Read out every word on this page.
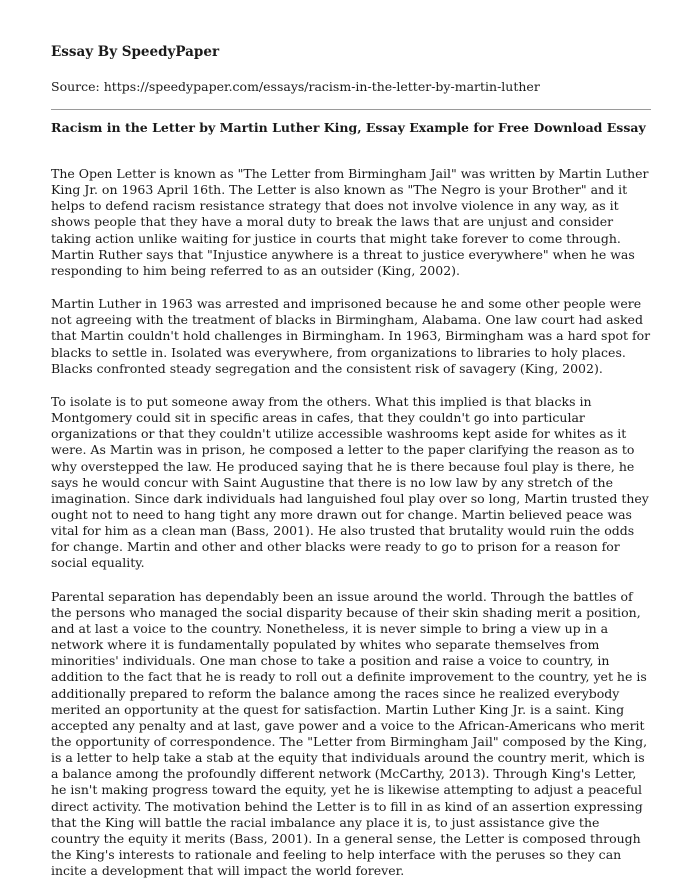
Essay By SpeedyPaper

Source: https://speedypaper.com/essays/racism-in-the-letter-by-martin-luther

Racism in the Letter by Martin Luther King, Essay Example for Free Download Essay

The Open Letter is known as "The Letter from Birmingham Jail" was written by Martin Luther King Jr. on 1963 April 16th. The Letter is also known as "The Negro is your Brother" and it helps to defend racism resistance strategy that does not involve violence in any way, as it shows people that they have a moral duty to break the laws that are unjust and consider taking action unlike waiting for justice in courts that might take forever to come through. Martin Ruther says that "Injustice anywhere is a threat to justice everywhere" when he was responding to him being referred to as an outsider (King, 2002).

Martin Luther in 1963 was arrested and imprisoned because he and some other people were not agreeing with the treatment of blacks in Birmingham, Alabama. One law court had asked that Martin couldn't hold challenges in Birmingham. In 1963, Birmingham was a hard spot for blacks to settle in. Isolated was everywhere, from organizations to libraries to holy places. Blacks confronted steady segregation and the consistent risk of savagery (King, 2002).

To isolate is to put someone away from the others. What this implied is that blacks in Montgomery could sit in specific areas in cafes, that they couldn't go into particular organizations or that they couldn't utilize accessible washrooms kept aside for whites as it were. As Martin was in prison, he composed a letter to the paper clarifying the reason as to why overstepped the law. He produced saying that he is there because foul play is there, he says he would concur with Saint Augustine that there is no low law by any stretch of the imagination. Since dark individuals had languished foul play over so long, Martin trusted they ought not to need to hang tight any more drawn out for change. Martin believed peace was vital for him as a clean man (Bass, 2001). He also trusted that brutality would ruin the odds for change. Martin and other and other blacks were ready to go to prison for a reason for social equality.

Parental separation has dependably been an issue around the world. Through the battles of the persons who managed the social disparity because of their skin shading merit a position, and at last a voice to the country. Nonetheless, it is never simple to bring a view up in a network where it is fundamentally populated by whites who separate themselves from minorities' individuals. One man chose to take a position and raise a voice to country, in addition to the fact that he is ready to roll out a definite improvement to the country, yet he is additionally prepared to reform the balance among the races since he realized everybody merited an opportunity at the quest for satisfaction. Martin Luther King Jr. is a saint. King accepted any penalty and at last, gave power and a voice to the African-Americans who merit the opportunity of correspondence. The "Letter from Birmingham Jail" composed by the King, is a letter to help take a stab at the equity that individuals around the country merit, which is a balance among the profoundly different network (McCarthy, 2013). Through King's Letter, he isn't making progress toward the equity, yet he is likewise attempting to adjust a peaceful direct activity. The motivation behind the Letter is to fill in as kind of an assertion expressing that the King will battle the racial imbalance any place it is, to just assistance give the country the equity it merits (Bass, 2001). In a general sense, the Letter is composed through the King's interests to rationale and feeling to help interface with the peruses so they can incite a development that will impact the world forever.
